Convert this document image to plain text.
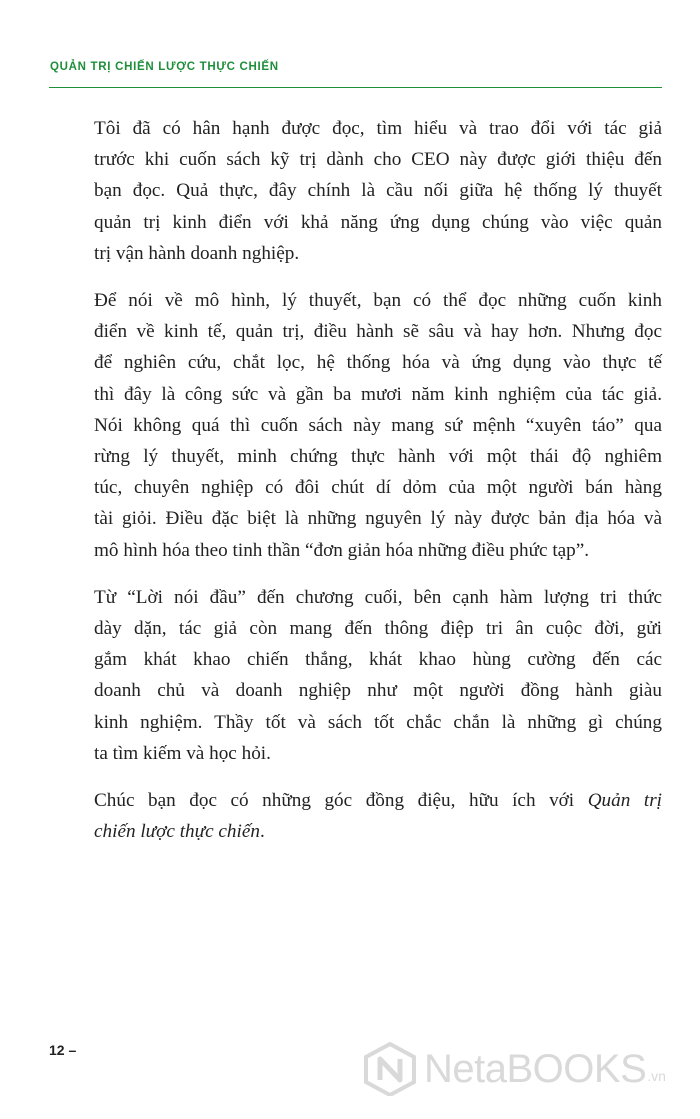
QUẢN TRỊ CHIẾN LƯỢC THỰC CHIẾN

Tôi đã có hân hạnh được đọc, tìm hiểu và trao đổi với tác giả
trước khi cuốn sách kỹ trị dành cho CEO này được giới thiệu đến
bạn đọc. Quả thực, đây chính là cầu nối giữa hệ thống lý thuyết
quản trị kinh điển với khả năng ứng dụng chúng vào việc quản
trị vận hành doanh nghiệp.

Để nói về mô hình, lý thuyết, bạn có thể đọc những cuốn kinh
điển về kinh tế, quản trị, điều hành sẽ sâu và hay hơn. Nhưng đọc
để nghiên cứu, chắt lọc, hệ thống hóa và ứng dụng vào thực tế
thì đây là công sức và gần ba mươi năm kinh nghiệm của tác giả.
Nói không quá thì cuốn sách này mang sứ mệnh “xuyên táo” qua
rừng lý thuyết, minh chứng thực hành với một thái độ nghiêm
túc, chuyên nghiệp có đôi chút dí dỏm của một người bán hàng
tài giỏi. Điều đặc biệt là những nguyên lý này được bản địa hóa và
mô hình hóa theo tinh thần “đơn giản hóa những điều phức tạp”.

Từ “Lời nói đầu” đến chương cuối, bên cạnh hàm lượng tri thức
dày dặn, tác giả còn mang đến thông điệp tri ân cuộc đời, gửi
gắm khát khao chiến thắng, khát khao hùng cường đến các
doanh chủ và doanh nghiệp như một người đồng hành giàu
kinh nghiệm. Thầy tốt và sách tốt chắc chắn là những gì chúng
ta tìm kiếm và học hỏi.

Chúc bạn đọc có những góc đồng điệu, hữu ích với Quản trị
chiến lược thực chiến.

12 –	NetaBOOKS .vn
